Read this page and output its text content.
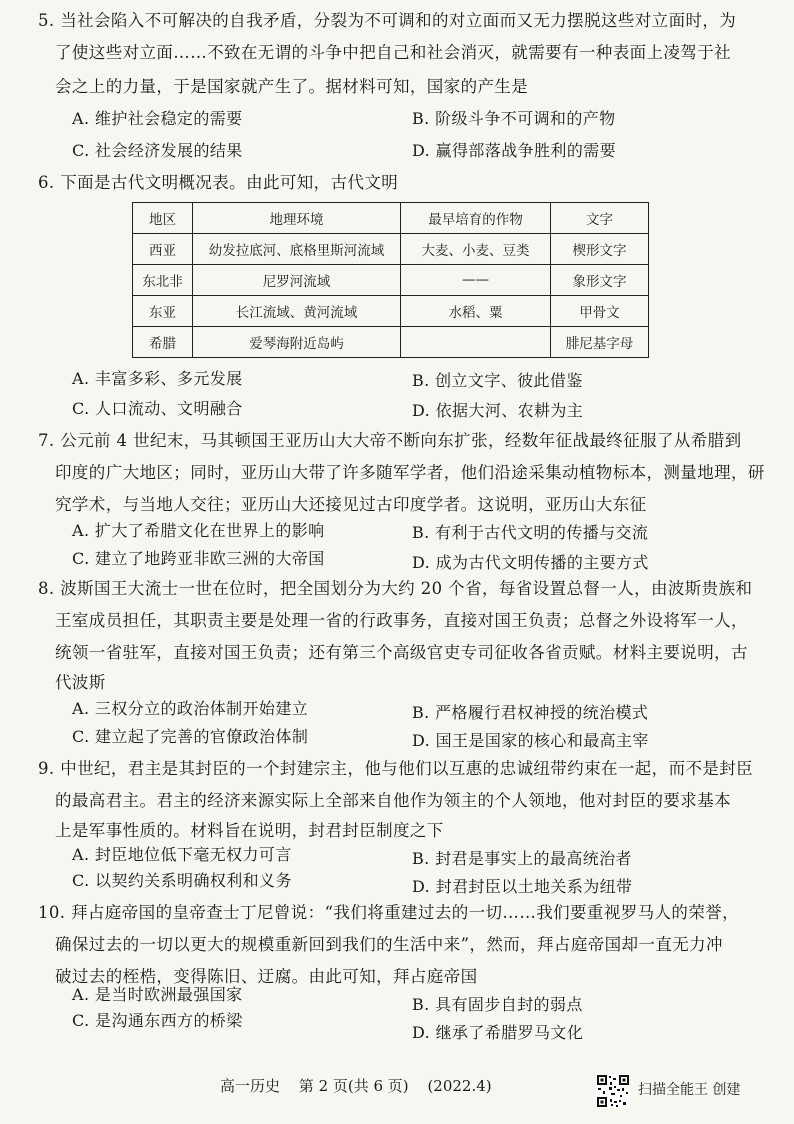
5. 当社会陷入不可解决的自我矛盾，分裂为不可调和的对立面而又无力摆脱这些对立面时，为
了使这些对立面……不致在无谓的斗争中把自己和社会消灭，就需要有一种表面上凌驾于社
会之上的力量，于是国家就产生了。据材料可知，国家的产生是
A. 维护社会稳定的需要	B. 阶级斗争不可调和的产物
C. 社会经济发展的结果	D. 赢得部落战争胜利的需要
6. 下面是古代文明概况表。由此可知，古代文明
地区	地理环境	最早培育的作物	文字
西亚	幼发拉底河、底格里斯河流域	大麦、小麦、豆类	楔形文字
东北非	尼罗河流域	——	象形文字
东亚	长江流域、黄河流域	水稻、粟	甲骨文
希腊	爱琴海附近岛屿		腓尼基字母
A. 丰富多彩、多元发展	B. 创立文字、彼此借鉴
C. 人口流动、文明融合	D. 依据大河、农耕为主
7. 公元前 4 世纪末，马其顿国王亚历山大大帝不断向东扩张，经数年征战最终征服了从希腊到
印度的广大地区；同时，亚历山大带了许多随军学者，他们沿途采集动植物标本，测量地理，研
究学术，与当地人交往；亚历山大还接见过古印度学者。这说明，亚历山大东征
A. 扩大了希腊文化在世界上的影响	B. 有利于古代文明的传播与交流
C. 建立了地跨亚非欧三洲的大帝国	D. 成为古代文明传播的主要方式
8. 波斯国王大流士一世在位时，把全国划分为大约 20 个省，每省设置总督一人，由波斯贵族和
王室成员担任，其职责主要是处理一省的行政事务，直接对国王负责；总督之外设将军一人，
统领一省驻军，直接对国王负责；还有第三个高级官吏专司征收各省贡赋。材料主要说明，古
代波斯
A. 三权分立的政治体制开始建立	B. 严格履行君权神授的统治模式
C. 建立起了完善的官僚政治体制	D. 国王是国家的核心和最高主宰
9. 中世纪，君主是其封臣的一个封建宗主，他与他们以互惠的忠诚纽带约束在一起，而不是封臣
的最高君主。君主的经济来源实际上全部来自他作为领主的个人领地，他对封臣的要求基本
上是军事性质的。材料旨在说明，封君封臣制度之下
A. 封臣地位低下毫无权力可言	B. 封君是事实上的最高统治者
C. 以契约关系明确权利和义务	D. 封君封臣以土地关系为纽带
10. 拜占庭帝国的皇帝查士丁尼曾说：“我们将重建过去的一切……我们要重视罗马人的荣誉，
确保过去的一切以更大的规模重新回到我们的生活中来”，然而，拜占庭帝国却一直无力冲
破过去的桎梏，变得陈旧、迂腐。由此可知，拜占庭帝国
A. 是当时欧洲最强国家
B. 具有固步自封的弱点
C. 是沟通东西方的桥梁
D. 继承了希腊罗马文化
高一历史 第 2 页(共 6 页) (2022.4)	扫描全能王 创建
